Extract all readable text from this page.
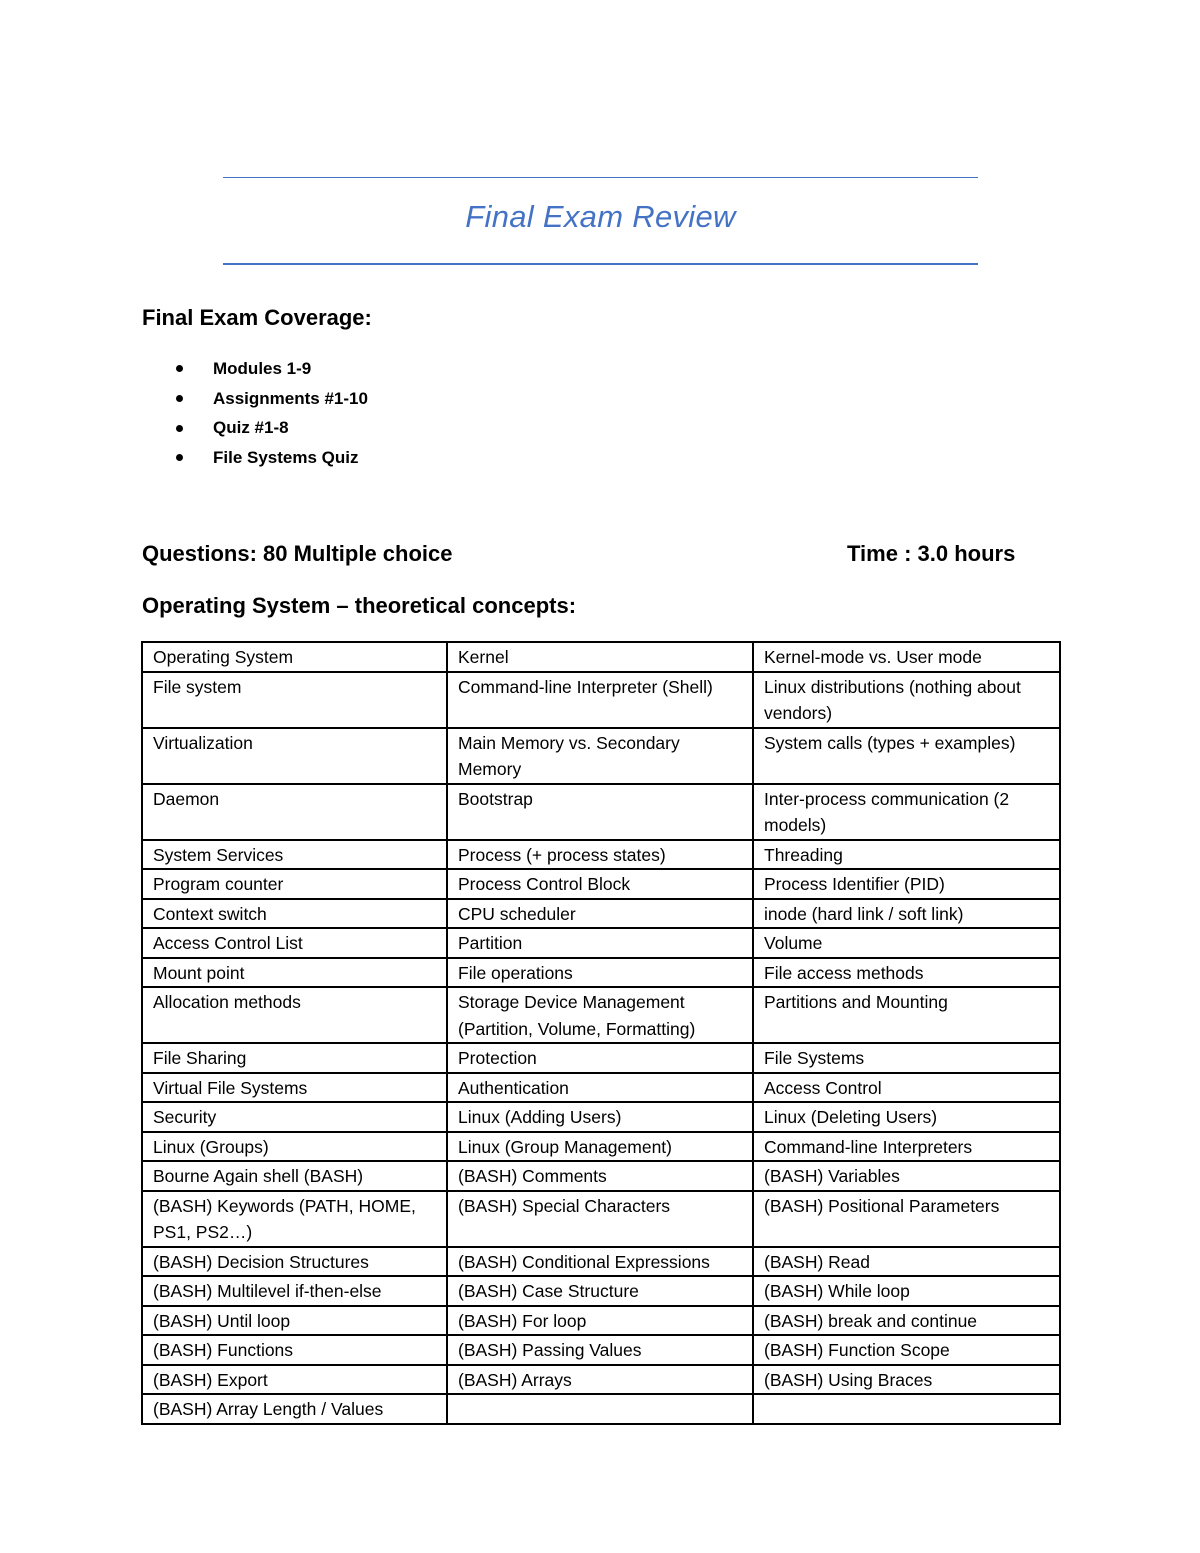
Final Exam Review
Final Exam Coverage:
Modules 1-9
Assignments #1-10
Quiz #1-8
File Systems Quiz
Questions: 80 Multiple choice	Time : 3.0 hours
Operating System – theoretical concepts:
Operating System	Kernel	Kernel-mode vs. User mode
File system	Command-line Interpreter (Shell)	Linux distributions (nothing about vendors)
Virtualization	Main Memory vs. Secondary Memory	System calls (types + examples)
Daemon	Bootstrap	Inter-process communication (2 models)
System Services	Process (+ process states)	Threading
Program counter	Process Control Block	Process Identifier (PID)
Context switch	CPU scheduler	inode (hard link / soft link)
Access Control List	Partition	Volume
Mount point	File operations	File access methods
Allocation methods	Storage Device Management (Partition, Volume, Formatting)	Partitions and Mounting
File Sharing	Protection	File Systems
Virtual File Systems	Authentication	Access Control
Security	Linux (Adding Users)	Linux (Deleting Users)
Linux (Groups)	Linux (Group Management)	Command-line Interpreters
Bourne Again shell (BASH)	(BASH) Comments	(BASH) Variables
(BASH) Keywords (PATH, HOME, PS1, PS2…)	(BASH) Special Characters	(BASH) Positional Parameters
(BASH) Decision Structures	(BASH) Conditional Expressions	(BASH) Read
(BASH) Multilevel if-then-else	(BASH) Case Structure	(BASH) While loop
(BASH) Until loop	(BASH) For loop	(BASH) break and continue
(BASH) Functions	(BASH) Passing Values	(BASH) Function Scope
(BASH) Export	(BASH) Arrays	(BASH) Using Braces
(BASH) Array Length / Values		
